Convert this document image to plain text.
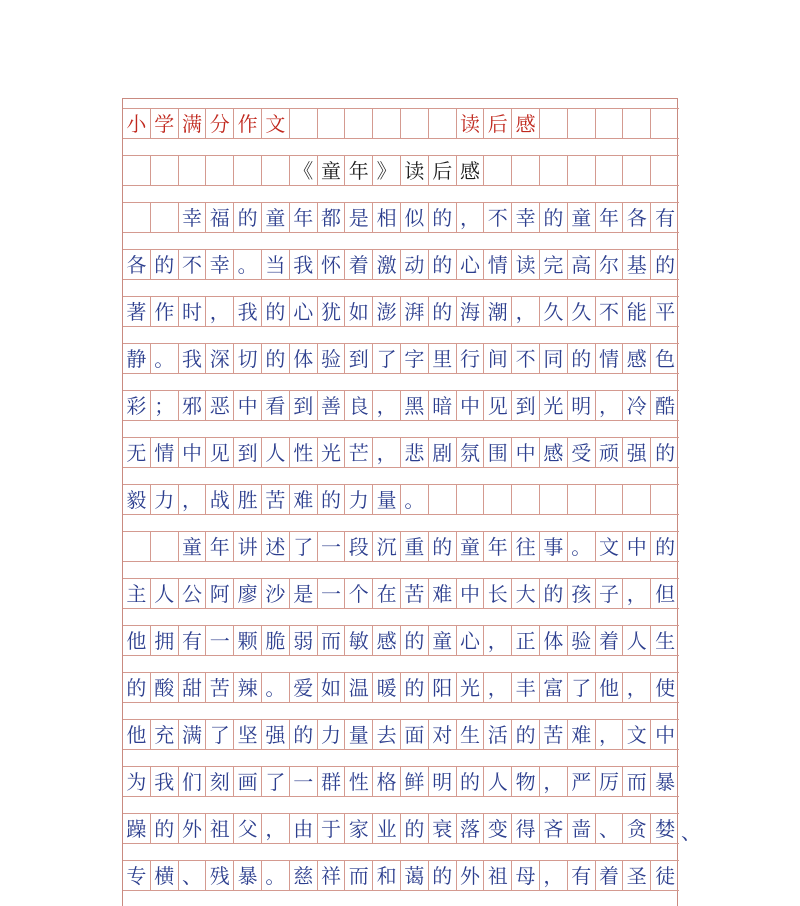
小 学 满 分 作 文	读 后 感
《 童 年 》 读 后 感
幸 福 的 童 年 都 是 相 似 的 ， 不 幸 的 童 年 各 有
各 的 不 幸 。 当 我 怀 着 激 动 的 心 情 读 完 高 尔 基 的
著 作 时 ， 我 的 心 犹 如 澎 湃 的 海 潮 ， 久 久 不 能 平
静 。 我 深 切 的 体 验 到 了 字 里 行 间 不 同 的 情 感 色
彩 ； 邪 恶 中 看 到 善 良 ， 黑 暗 中 见 到 光 明 ， 冷 酷
无 情 中 见 到 人 性 光 芒 ， 悲 剧 氛 围 中 感 受 顽 强 的
毅 力 ， 战 胜 苦 难 的 力 量 。
童 年 讲 述 了 一 段 沉 重 的 童 年 往 事 。 文 中 的
主 人 公 阿 廖 沙 是 一 个 在 苦 难 中 长 大 的 孩 子 ， 但
他 拥 有 一 颗 脆 弱 而 敏 感 的 童 心 ， 正 体 验 着 人 生
的 酸 甜 苦 辣 。 爱 如 温 暖 的 阳 光 ， 丰 富 了 他 ， 使
他 充 满 了 坚 强 的 力 量 去 面 对 生 活 的 苦 难 ， 文 中
为 我 们 刻 画 了 一 群 性 格 鲜 明 的 人 物 ， 严 厉 而 暴
躁 的 外 祖 父 ， 由 于 家 业 的 衰 落 变 得 吝 啬 、 贪 婪
专 横 、 残 暴 。 慈 祥 而 和 蔼 的 外 祖 母 ， 有 着 圣 徒
、
